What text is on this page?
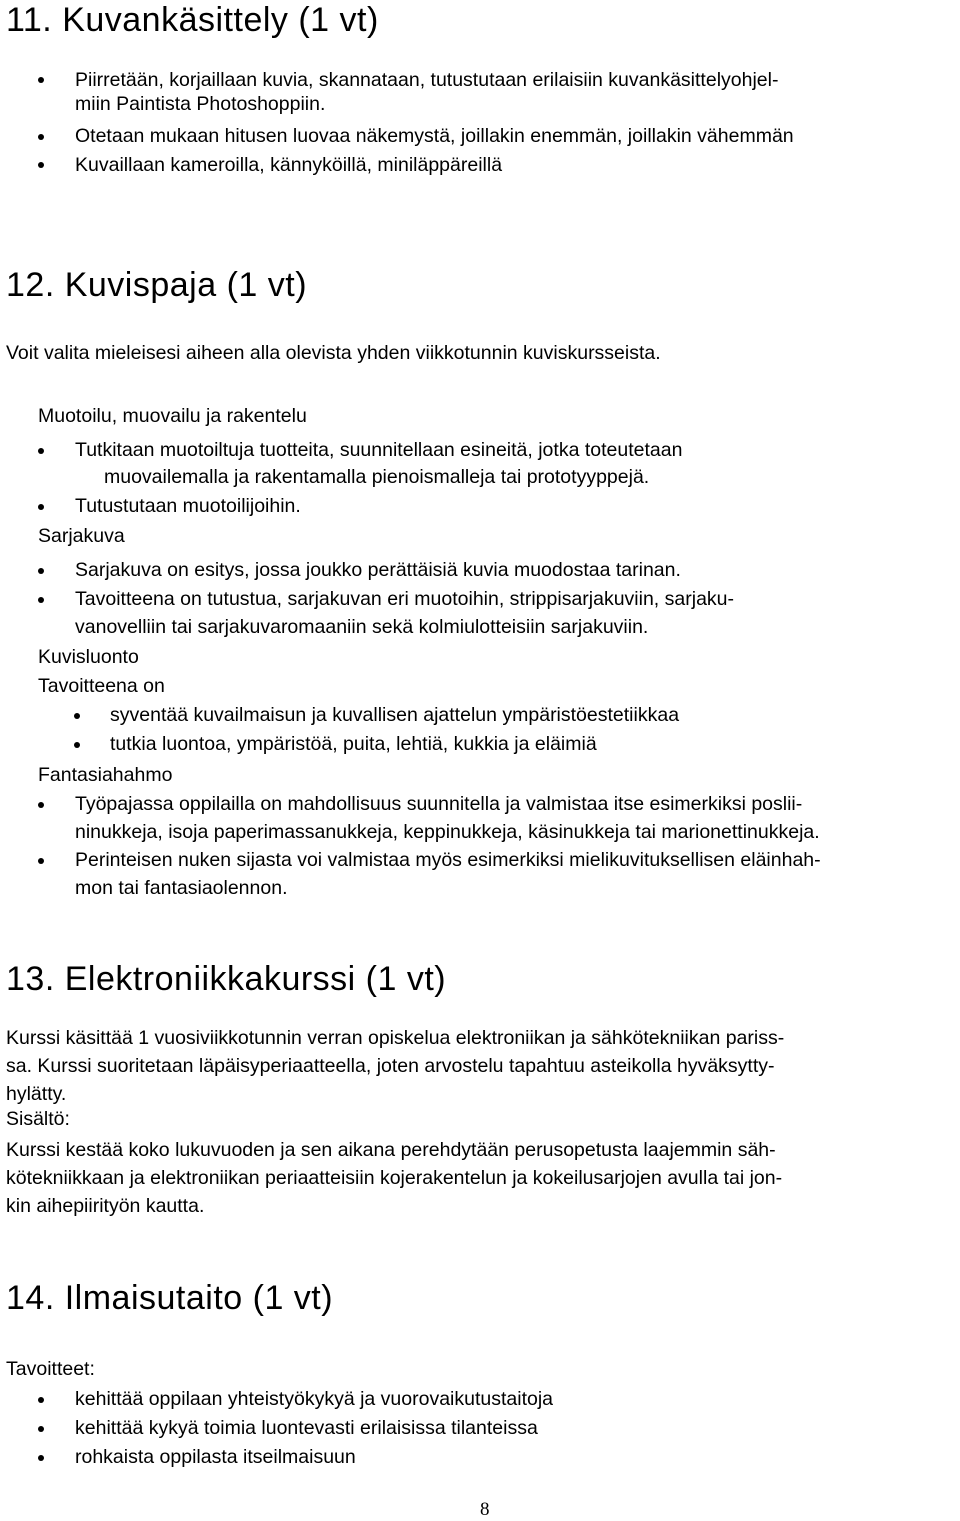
11. Kuvankäsittely (1 vt)
Piirretään, korjaillaan kuvia, skannataan, tutustutaan erilaisiin kuvankäsittelyohjel-
miin Paintista Photoshoppiin.
Otetaan mukaan hitusen luovaa näkemystä, joillakin enemmän, joillakin vähemmän
Kuvaillaan kameroilla, kännyköillä, miniläppäreillä
12. Kuvispaja (1 vt)
Voit valita mieleisesi aiheen alla olevista yhden viikkotunnin kuviskursseista.
Muotoilu, muovailu ja rakentelu
Tutkitaan muotoiltuja tuotteita, suunnitellaan esineitä, jotka toteutetaan
muovailemalla ja rakentamalla pienoismalleja tai prototyyppejä.
Tutustutaan muotoilijoihin.
Sarjakuva
Sarjakuva on esitys, jossa joukko perättäisiä kuvia muodostaa tarinan.
Tavoitteena on tutustua, sarjakuvan eri muotoihin, strippisarjakuviin, sarjaku-
vanovelliin tai sarjakuvaromaaniin sekä kolmiulotteisiin sarjakuviin.
Kuvisluonto
Tavoitteena on
syventää kuvailmaisun ja kuvallisen ajattelun ympäristöestetiikkaa
tutkia luontoa, ympäristöä, puita, lehtiä, kukkia ja eläimiä
Fantasiahahmo
Työpajassa oppilailla on mahdollisuus suunnitella ja valmistaa itse esimerkiksi poslii-
ninukkeja, isoja paperimassanukkeja, keppinukkeja, käsinukkeja tai marionettinukkeja.
Perinteisen nuken sijasta voi valmistaa myös esimerkiksi mielikuvituksellisen eläinhah-
mon tai fantasiaolennon.
13. Elektroniikkakurssi (1 vt)
Kurssi käsittää 1 vuosiviikkotunnin verran opiskelua elektroniikan ja sähkötekniikan pariss-
sa. Kurssi suoritetaan läpäisyperiaatteella, joten arvostelu tapahtuu asteikolla hyväksytty-
hylätty.
Sisältö:
Kurssi kestää koko lukuvuoden ja sen aikana perehdytään perusopetusta laajemmin säh-
kötekniikkaan ja elektroniikan periaatteisiin kojerakentelun ja kokeilusarjojen avulla tai jon-
kin aihepiirityön kautta.
14. Ilmaisutaito (1 vt)
Tavoitteet:
kehittää oppilaan yhteistyökykyä ja vuorovaikutustaitoja
kehittää kykyä toimia luontevasti erilaisissa tilanteissa
rohkaista oppilasta itseilmaisuun
8
